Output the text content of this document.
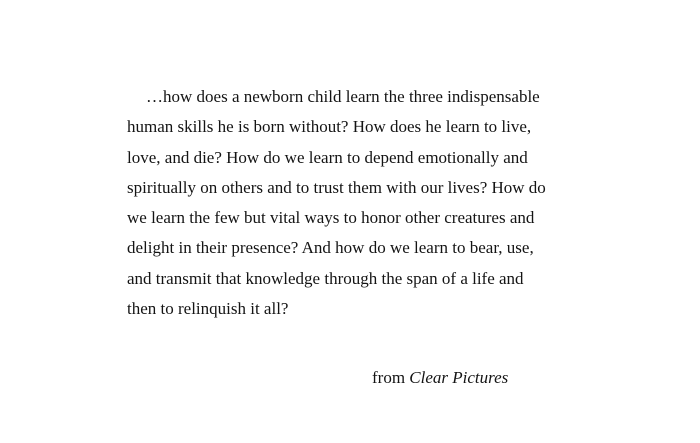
…how does a newborn child learn the three indispensable
human skills he is born without? How does he learn to live,
love, and die? How do we learn to depend emotionally and
spiritually on others and to trust them with our lives? How do
we learn the few but vital ways to honor other creatures and
delight in their presence? And how do we learn to bear, use,
and transmit that knowledge through the span of a life and
then to relinquish it all?

from Clear Pictures
